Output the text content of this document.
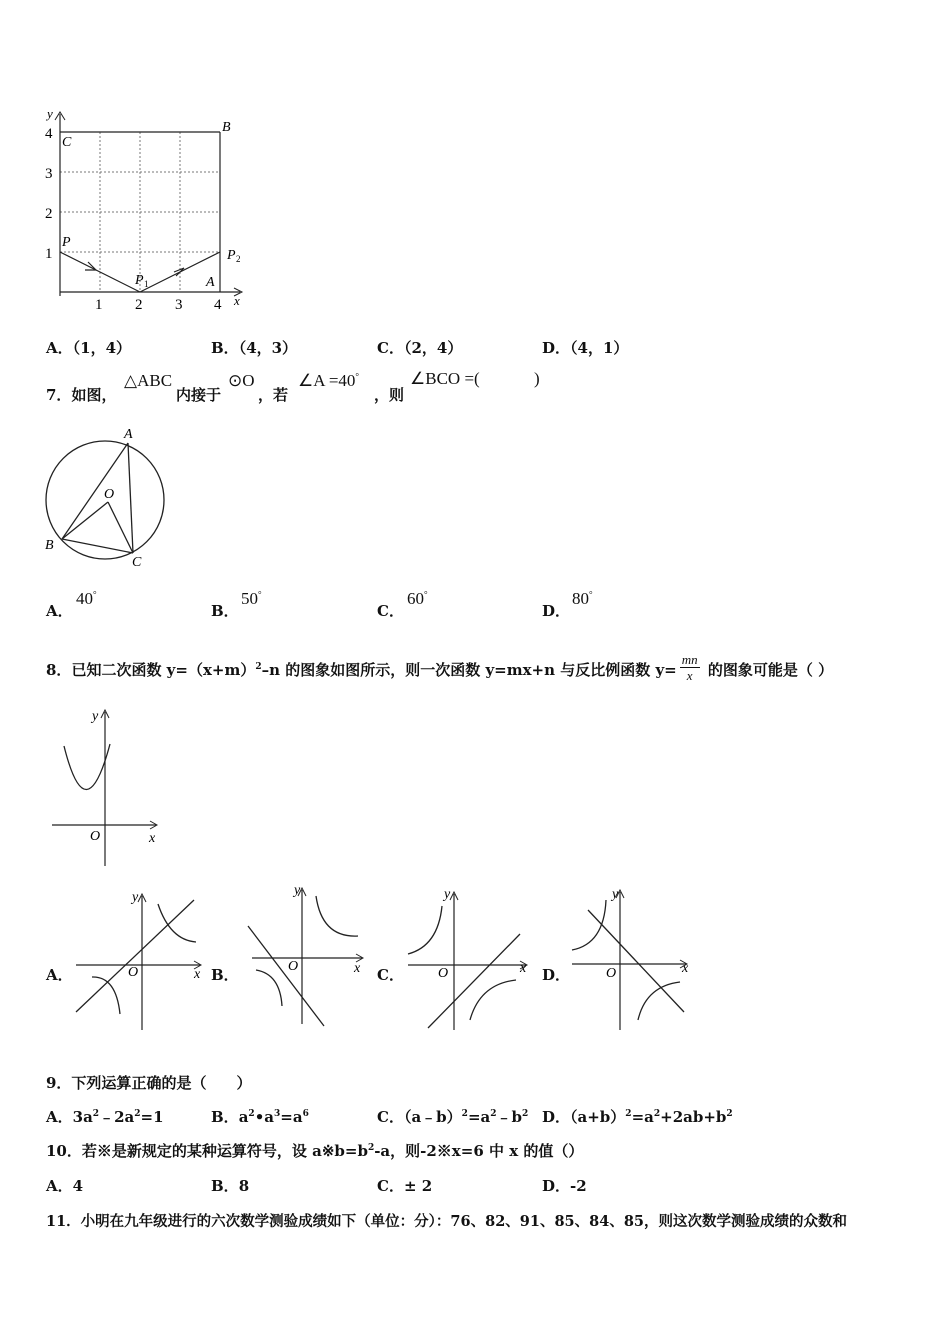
y
x
1
2
3
4
1 2 3 4
C
B
P
P 1
P 2
A
A．（1，4）	B．（4，3）	C．（2，4）	D．（4，1）
7．如图，
△ABC
内接于
⊙O
，若
∠A =40°
，则
∠BCO =(	)
A
B
C
O
A．
40°
B．
50°
C．
60°
D．
80°
8．已知二次函数 $y=(x+m)^2-n$ 的图象如图所示，则一次函数 y=mx+n 与反比例函数 $y= \frac{mn}{x}$ 的图象可能是（ ）
y
x
O
A．
y
x
O	B．
y
x
O	C．
y
x
O	D．
y
x
O
9．下列运算正确的是（　　）
A．$3a^2﹣2a^2=1$	B．$a^2•a^3=a^6$	C．$(a﹣b)^2=a^2﹣b^2$ D．$(a+b)^2=a^2+2ab+b^2$
10．若※是新规定的某种运算符号，设 $a※b=b^2-a$，则-2※x=6 中 x 的值（）
A．4	B．8	C．± 2	D．-2
11．小明在九年级进行的六次数学测验成绩如下（单位：分）：76、82、91、85、84、85，则这次数学测验成绩的众数和
